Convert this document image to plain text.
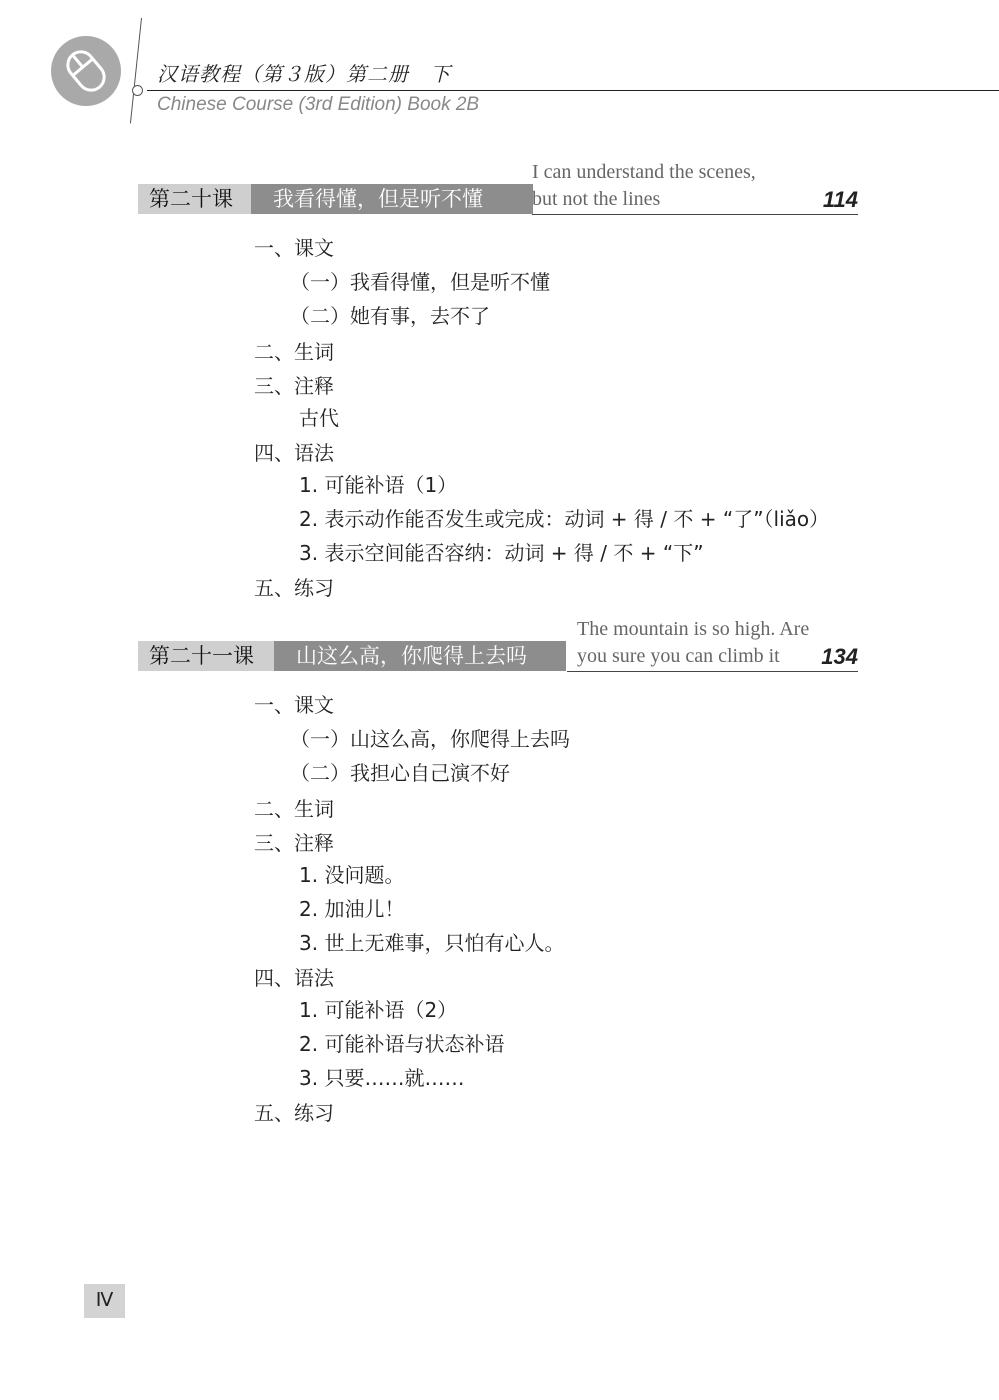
汉语教程（第３版）第二册　下
Chinese Course (3rd Edition) Book 2B
第二十课	我看得懂，但是听不懂
I can understand the scenes,
but not the lines	114
一、课文
（一）我看得懂，但是听不懂
（二）她有事，去不了
二、生词
三、注释
古代
四、语法
1. 可能补语（1）
2. 表示动作能否发生或完成：动词 + 得 / 不 + “了”（liǎo）
3. 表示空间能否容纳：动词 + 得 / 不 + “下”
五、练习
第二十一课	山这么高，你爬得上去吗
The mountain is so high. Are
you sure you can climb it 134
一、课文
（一）山这么高，你爬得上去吗
（二）我担心自己演不好
二、生词
三、注释
1. 没问题。
2. 加油儿！
3. 世上无难事，只怕有心人。
四、语法
1. 可能补语（2）
2. 可能补语与状态补语
3. 只要……就……
五、练习
Ⅳ
